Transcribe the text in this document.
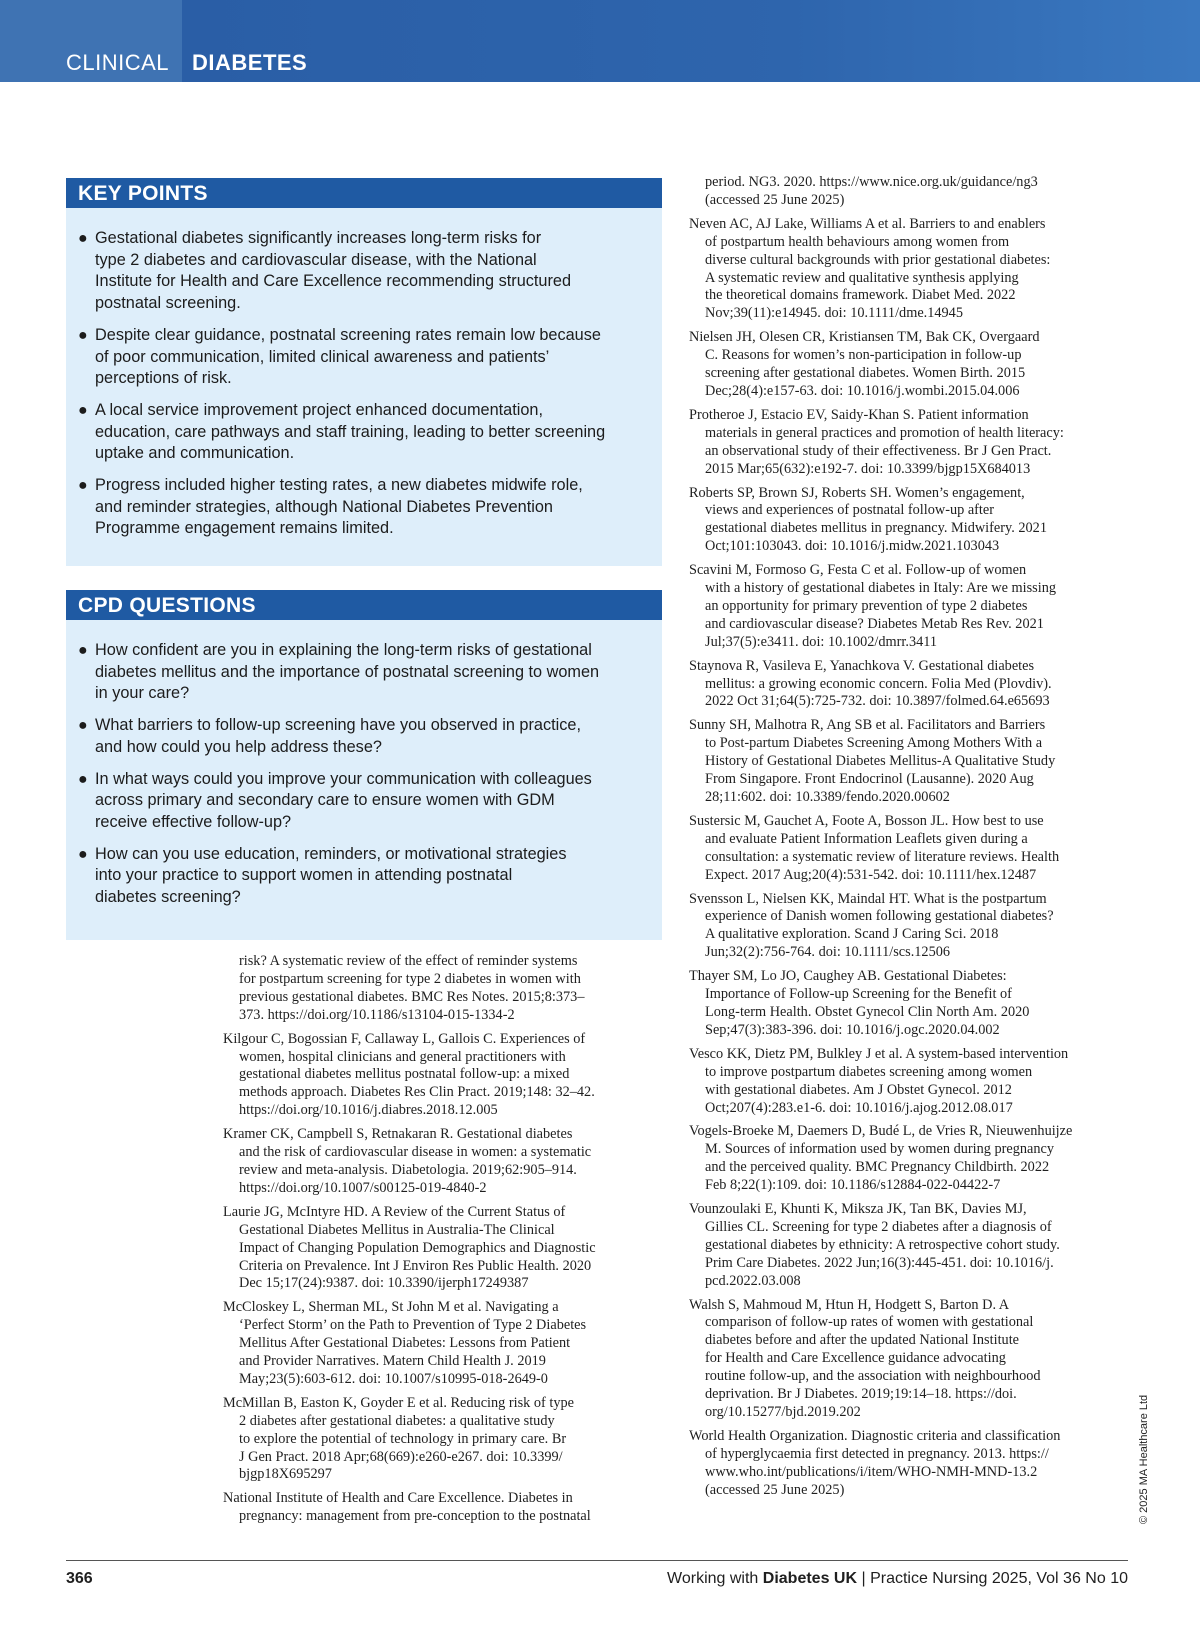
CLINICAL DIABETES
KEY POINTS
● Gestational diabetes significantly increases long-term risks for
type 2 diabetes and cardiovascular disease, with the National
Institute for Health and Care Excellence recommending structured
postnatal screening.
● Despite clear guidance, postnatal screening rates remain low because
of poor communication, limited clinical awareness and patients’
perceptions of risk.
● A local service improvement project enhanced documentation,
education, care pathways and staff training, leading to better screening
uptake and communication.
● Progress included higher testing rates, a new diabetes midwife role,
and reminder strategies, although National Diabetes Prevention
Programme engagement remains limited.
CPD QUESTIONS
● How confident are you in explaining the long-term risks of gestational
diabetes mellitus and the importance of postnatal screening to women
in your care?
● What barriers to follow-up screening have you observed in practice,
and how could you help address these?
● In what ways could you improve your communication with colleagues
across primary and secondary care to ensure women with GDM
receive effective follow-up?
● How can you use education, reminders, or motivational strategies
into your practice to support women in attending postnatal
diabetes screening?
risk? A systematic review of the effect of reminder systems
for postpartum screening for type 2 diabetes in women with
previous gestational diabetes. BMC Res Notes. 2015;8:373–
373. https://doi.org/10.1186/s13104-015-1334-2
Kilgour C, Bogossian F, Callaway L, Gallois C. Experiences of
women, hospital clinicians and general practitioners with
gestational diabetes mellitus postnatal follow-up: a mixed
methods approach. Diabetes Res Clin Pract. 2019;148: 32–42.
https://doi.org/10.1016/j.diabres.2018.12.005
Kramer CK, Campbell S, Retnakaran R. Gestational diabetes
and the risk of cardiovascular disease in women: a systematic
review and meta-analysis. Diabetologia. 2019;62:905–914.
https://doi.org/10.1007/s00125-019-4840-2
Laurie JG, McIntyre HD. A Review of the Current Status of
Gestational Diabetes Mellitus in Australia-The Clinical
Impact of Changing Population Demographics and Diagnostic
Criteria on Prevalence. Int J Environ Res Public Health. 2020
Dec 15;17(24):9387. doi: 10.3390/ijerph17249387
McCloskey L, Sherman ML, St John M et al. Navigating a
‘Perfect Storm’ on the Path to Prevention of Type 2 Diabetes
Mellitus After Gestational Diabetes: Lessons from Patient
and Provider Narratives. Matern Child Health J. 2019
May;23(5):603-612. doi: 10.1007/s10995-018-2649-0
McMillan B, Easton K, Goyder E et al. Reducing risk of type
2 diabetes after gestational diabetes: a qualitative study
to explore the potential of technology in primary care. Br
J Gen Pract. 2018 Apr;68(669):e260-e267. doi: 10.3399/
bjgp18X695297
National Institute of Health and Care Excellence. Diabetes in
pregnancy: management from pre-conception to the postnatal
period. NG3. 2020. https://www.nice.org.uk/guidance/ng3
(accessed 25 June 2025)
Neven AC, AJ Lake, Williams A et al. Barriers to and enablers
of postpartum health behaviours among women from
diverse cultural backgrounds with prior gestational diabetes:
A systematic review and qualitative synthesis applying
the theoretical domains framework. Diabet Med. 2022
Nov;39(11):e14945. doi: 10.1111/dme.14945
Nielsen JH, Olesen CR, Kristiansen TM, Bak CK, Overgaard
C. Reasons for women’s non-participation in follow-up
screening after gestational diabetes. Women Birth. 2015
Dec;28(4):e157-63. doi: 10.1016/j.wombi.2015.04.006
Protheroe J, Estacio EV, Saidy-Khan S. Patient information
materials in general practices and promotion of health literacy:
an observational study of their effectiveness. Br J Gen Pract.
2015 Mar;65(632):e192-7. doi: 10.3399/bjgp15X684013
Roberts SP, Brown SJ, Roberts SH. Women’s engagement,
views and experiences of postnatal follow-up after
gestational diabetes mellitus in pregnancy. Midwifery. 2021
Oct;101:103043. doi: 10.1016/j.midw.2021.103043
Scavini M, Formoso G, Festa C et al. Follow-up of women
with a history of gestational diabetes in Italy: Are we missing
an opportunity for primary prevention of type 2 diabetes
and cardiovascular disease? Diabetes Metab Res Rev. 2021
Jul;37(5):e3411. doi: 10.1002/dmrr.3411
Staynova R, Vasileva E, Yanachkova V. Gestational diabetes
mellitus: a growing economic concern. Folia Med (Plovdiv).
2022 Oct 31;64(5):725-732. doi: 10.3897/folmed.64.e65693
Sunny SH, Malhotra R, Ang SB et al. Facilitators and Barriers
to Post-partum Diabetes Screening Among Mothers With a
History of Gestational Diabetes Mellitus-A Qualitative Study
From Singapore. Front Endocrinol (Lausanne). 2020 Aug
28;11:602. doi: 10.3389/fendo.2020.00602
Sustersic M, Gauchet A, Foote A, Bosson JL. How best to use
and evaluate Patient Information Leaflets given during a
consultation: a systematic review of literature reviews. Health
Expect. 2017 Aug;20(4):531-542. doi: 10.1111/hex.12487
Svensson L, Nielsen KK, Maindal HT. What is the postpartum
experience of Danish women following gestational diabetes?
A qualitative exploration. Scand J Caring Sci. 2018
Jun;32(2):756-764. doi: 10.1111/scs.12506
Thayer SM, Lo JO, Caughey AB. Gestational Diabetes:
Importance of Follow-up Screening for the Benefit of
Long-term Health. Obstet Gynecol Clin North Am. 2020
Sep;47(3):383-396. doi: 10.1016/j.ogc.2020.04.002
Vesco KK, Dietz PM, Bulkley J et al. A system-based intervention
to improve postpartum diabetes screening among women
with gestational diabetes. Am J Obstet Gynecol. 2012
Oct;207(4):283.e1-6. doi: 10.1016/j.ajog.2012.08.017
Vogels-Broeke M, Daemers D, Budé L, de Vries R, Nieuwenhuijze
M. Sources of information used by women during pregnancy
and the perceived quality. BMC Pregnancy Childbirth. 2022
Feb 8;22(1):109. doi: 10.1186/s12884-022-04422-7
Vounzoulaki E, Khunti K, Miksza JK, Tan BK, Davies MJ,
Gillies CL. Screening for type 2 diabetes after a diagnosis of
gestational diabetes by ethnicity: A retrospective cohort study.
Prim Care Diabetes. 2022 Jun;16(3):445-451. doi: 10.1016/j.
pcd.2022.03.008
Walsh S, Mahmoud M, Htun H, Hodgett S, Barton D. A
comparison of follow-up rates of women with gestational
diabetes before and after the updated National Institute
for Health and Care Excellence guidance advocating
routine follow-up, and the association with neighbourhood
deprivation. Br J Diabetes. 2019;19:14–18. https://doi.
org/10.15277/bjd.2019.202
World Health Organization. Diagnostic criteria and classification
of hyperglycaemia first detected in pregnancy. 2013. https://
www.who.int/publications/i/item/WHO-NMH-MND-13.2
(accessed 25 June 2025)	© 2025 MA Healthcare Ltd
366	Working with Diabetes UK | Practice Nursing 2025, Vol 36 No 10
